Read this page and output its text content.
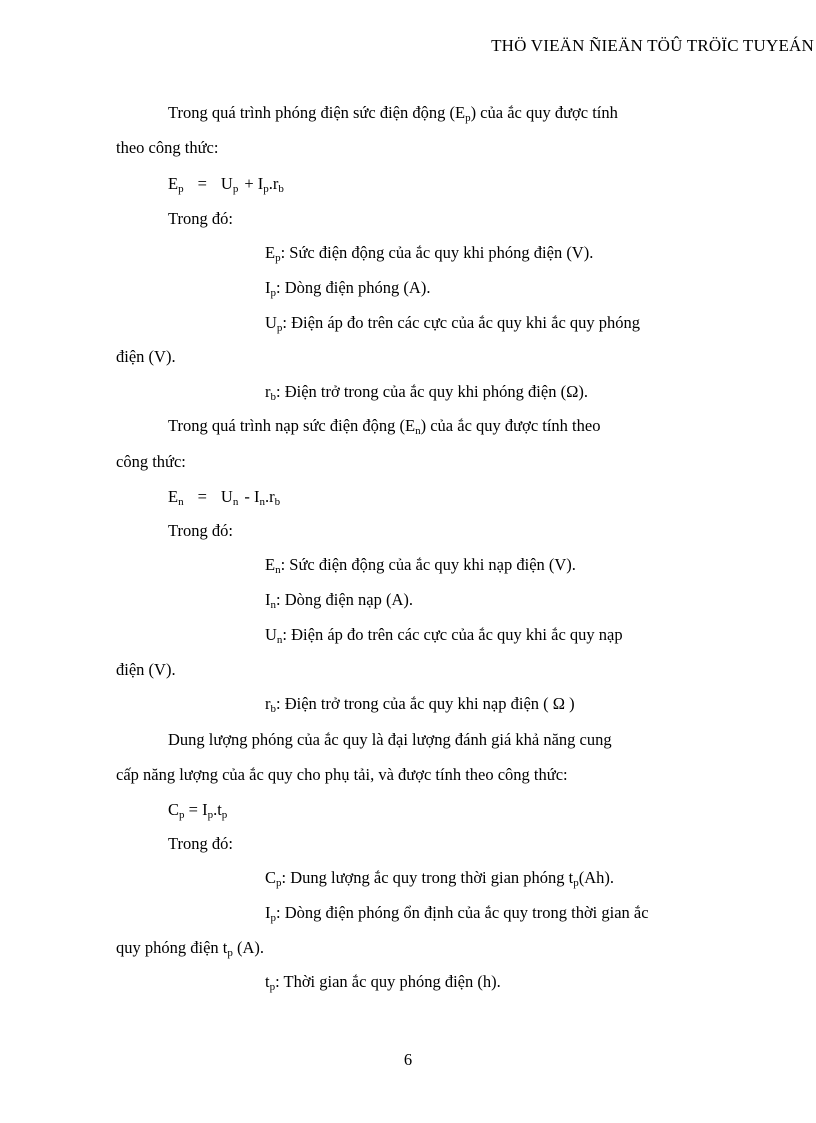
THÖ VIEÄN ÑIEÄN TÖÛ TRÖÏC TUYEÁN
Trong quá trình phóng điện sức điện động $(E_p)$ của ắc quy được tính
theo công thức:
$E_p = U_p + I_p.r_b$
Trong đó:
$E_p$: Sức điện động của ắc quy khi phóng điện (V).
$I_p$: Dòng điện phóng (A).
$U_p$: Điện áp đo trên các cực của ắc quy khi ắc quy phóng
điện (V).
$r_b$: Điện trở trong của ắc quy khi phóng điện (Ω).
Trong quá trình nạp sức điện động $(E_n)$ của ắc quy được tính theo
công thức:
$E_n = U_n - I_n.r_b$
Trong đó:
$E_n$: Sức điện động của ắc quy khi nạp điện (V).
$I_n$: Dòng điện nạp (A).
$U_n$: Điện áp đo trên các cực của ắc quy khi ắc quy nạp
điện (V).
$r_b$: Điện trở trong của ắc quy khi nạp điện ( Ω )
Dung lượng phóng của ắc quy là đại lượng đánh giá khả năng cung
cấp năng lượng của ắc quy cho phụ tải, và được tính theo công thức:
$C_p = I_p.t_p$
Trong đó:
$C_p$: Dung lượng ắc quy trong thời gian phóng $t_p(Ah)$.
$I_p$: Dòng điện phóng ổn định của ắc quy trong thời gian ắc
quy phóng điện $t_p$ (A).
$t_p$: Thời gian ắc quy phóng điện (h).
6
